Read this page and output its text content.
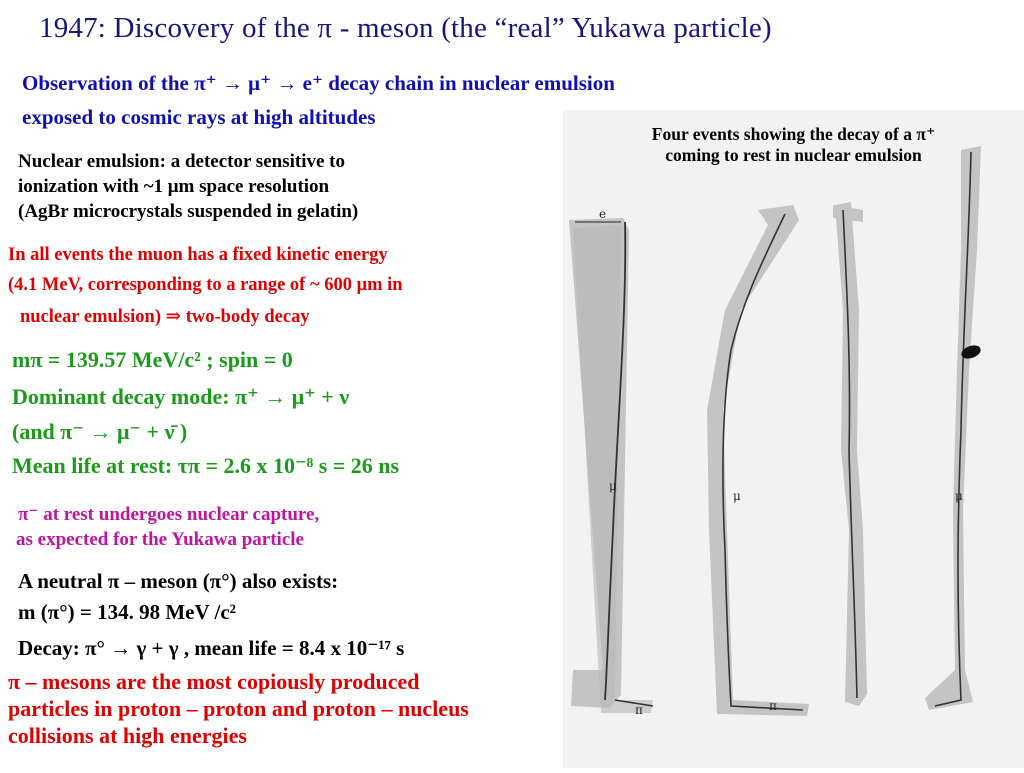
1947: Discovery of the π - meson (the “real” Yukawa particle)
Observation of the π⁺ → μ⁺ → e⁺ decay chain in nuclear emulsion
exposed to cosmic rays at high altitudes
Nuclear emulsion: a detector sensitive to
ionization with ~1 μm space resolution
(AgBr microcrystals suspended in gelatin)
In all events the muon has a fixed kinetic energy
(4.1 MeV, corresponding to a range of ~ 600 μm in
nuclear emulsion) ⇒ two-body decay
mπ = 139.57 MeV/c² ; spin = 0
Dominant decay mode: π⁺ → μ⁺ + ν
(and π⁻ → μ⁻ + ν̄ )
Mean life at rest: τπ = 2.6 x 10⁻⁸ s = 26 ns
π⁻ at rest undergoes nuclear capture,
as expected for the Yukawa particle
A neutral π – meson (π°) also exists:
m (π°) = 134. 98 MeV /c²
Decay: π° → γ + γ , mean life = 8.4 x 10⁻¹⁷ s
π – mesons are the most copiously produced
particles in proton – proton and proton – nucleus
collisions at high energies
e
μ
π	π
μ	μ
Four events showing the decay of a π⁺
coming to rest in nuclear emulsion
